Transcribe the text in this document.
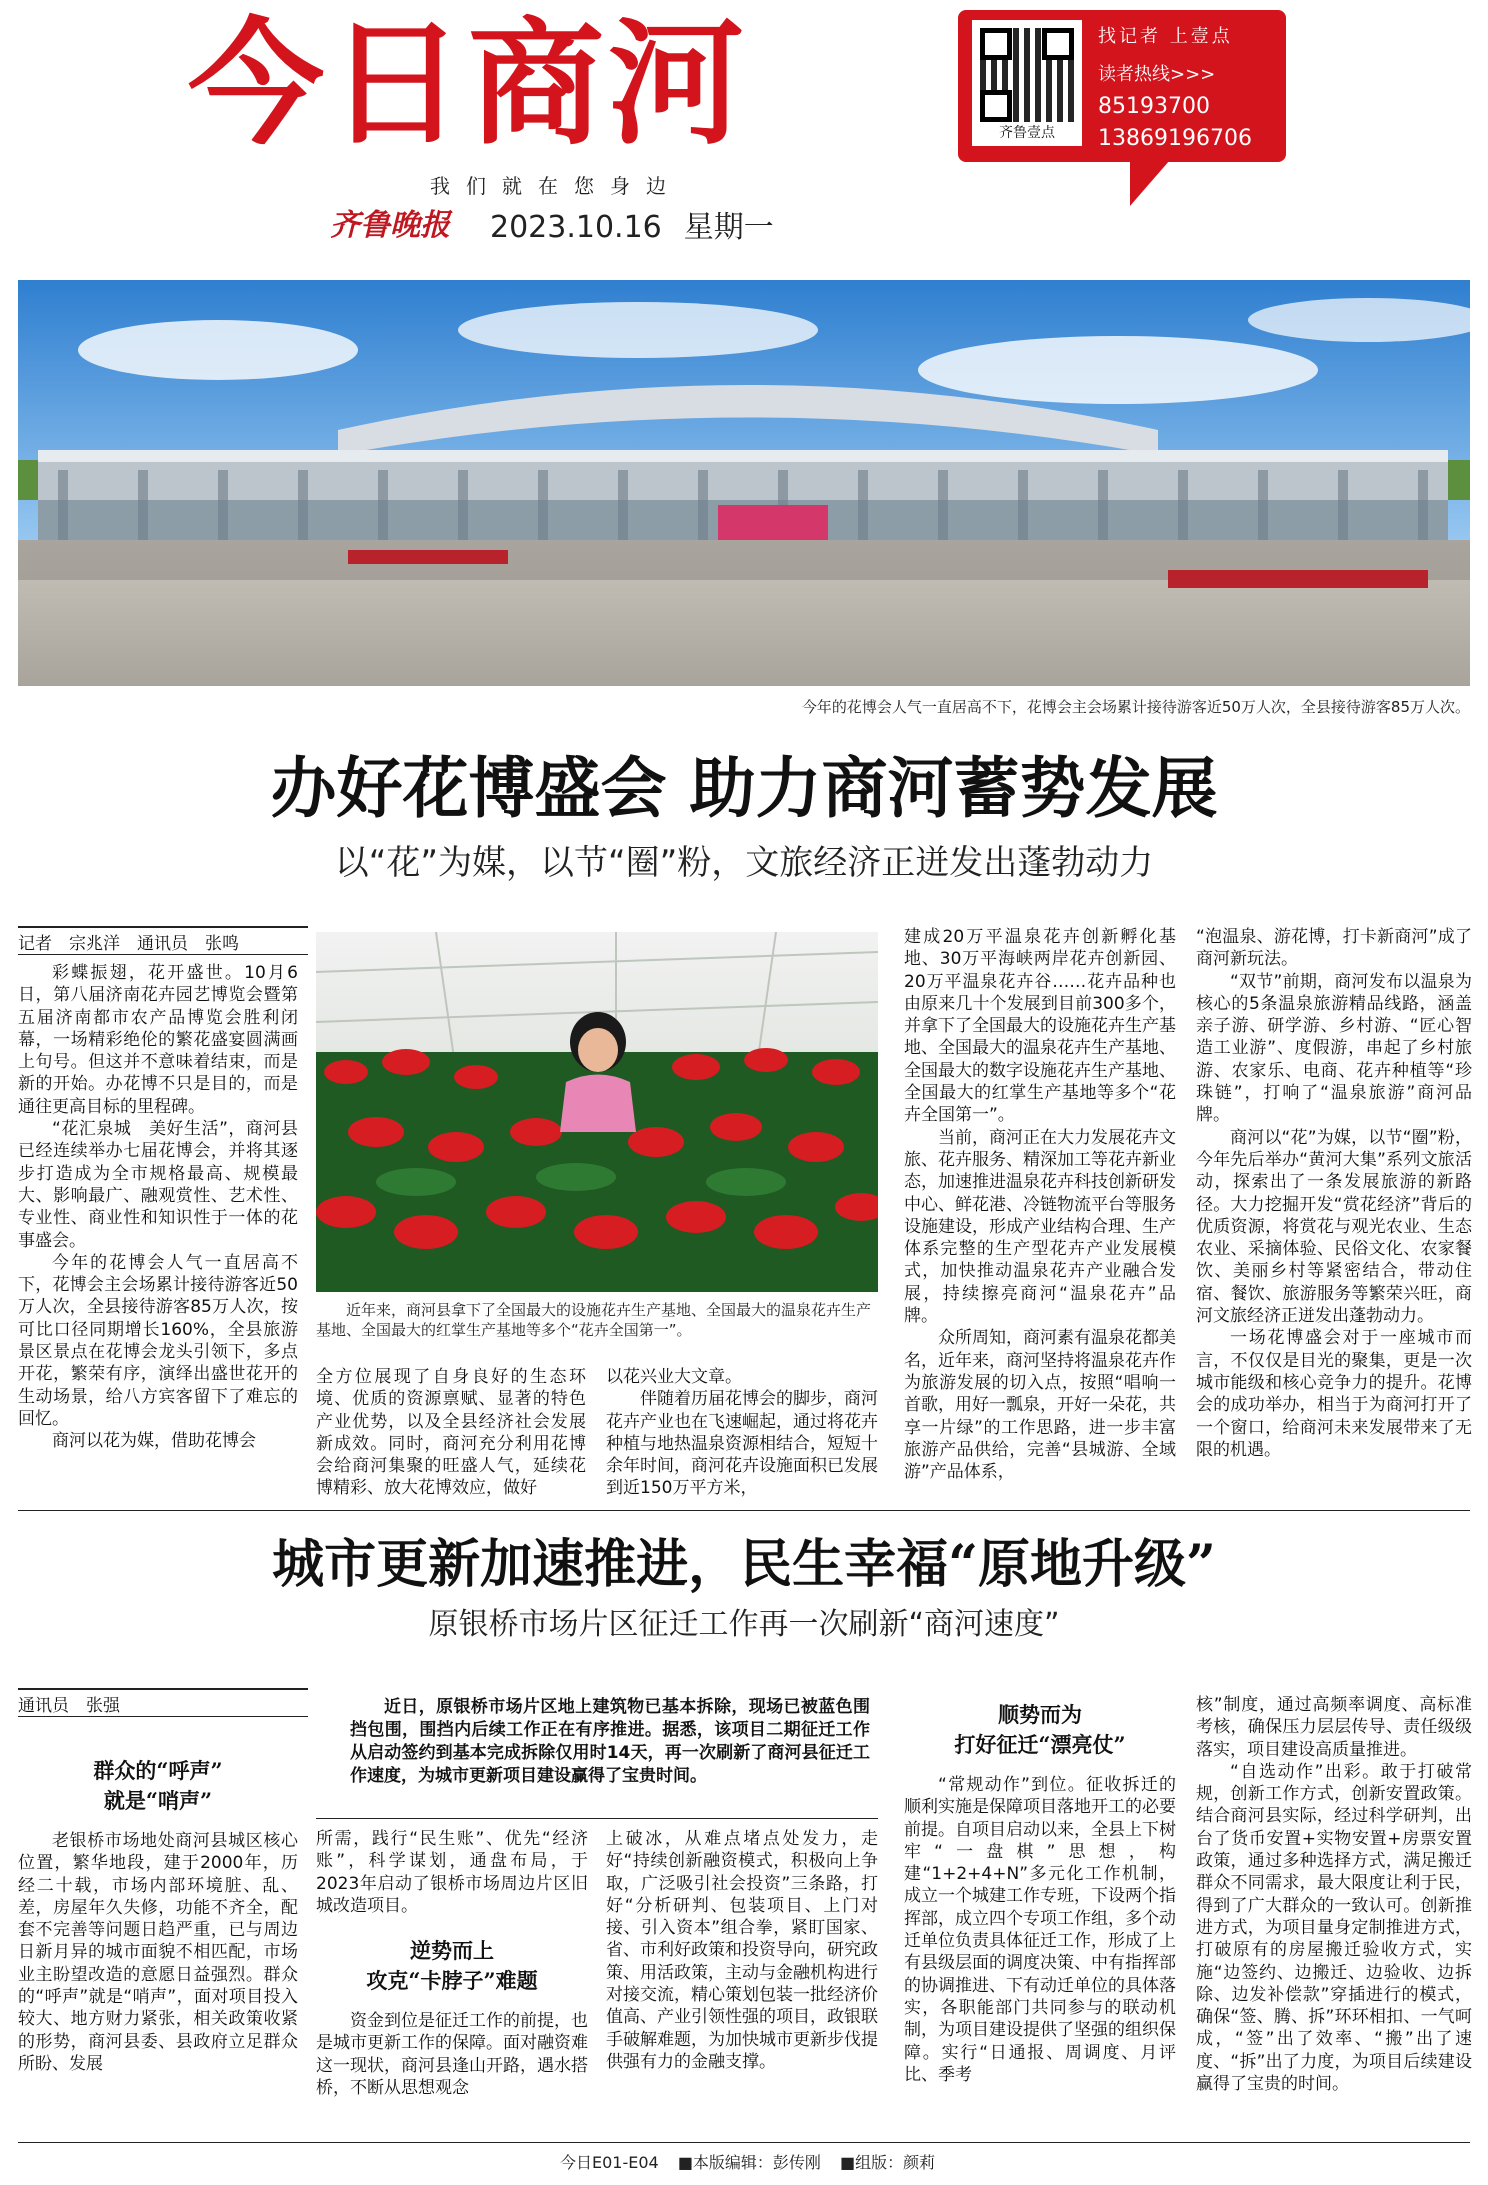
今日商河
我们就在您身边
齐鲁晚报 2023.10.16 星期一
齐鲁壹点
找记者 上壹点
读者热线>>>
85193700
13869196706
今年的花博会人气一直居高不下，花博会主会场累计接待游客近50万人次，全县接待游客85万人次。
办好花博盛会 助力商河蓄势发展
以“花”为媒，以节“圈”粉，文旅经济正迸发出蓬勃动力
记者　宗兆洋　通讯员　张鸣

彩蝶振翅，花开盛世。10月6日，第八届济南花卉园艺博览会暨第五届济南都市农产品博览会胜利闭幕，一场精彩绝伦的繁花盛宴圆满画上句号。但这并不意味着结束，而是新的开始。办花博不只是目的，而是通往更高目标的里程碑。

“花汇泉城　美好生活”，商河县已经连续举办七届花博会，并将其逐步打造成为全市规格最高、规模最大、影响最广、融观赏性、艺术性、专业性、商业性和知识性于一体的花事盛会。

今年的花博会人气一直居高不下，花博会主会场累计接待游客近50万人次，全县接待游客85万人次，按可比口径同期增长160%，全县旅游景区景点在花博会龙头引领下，多点开花，繁荣有序，演绎出盛世花开的生动场景，给八方宾客留下了难忘的回忆。

商河以花为媒，借助花博会

近年来，商河县拿下了全国最大的设施花卉生产基地、全国最大的温泉花卉生产基地、全国最大的红掌生产基地等多个“花卉全国第一”。

全方位展现了自身良好的生态环境、优质的资源禀赋、显著的特色产业优势，以及全县经济社会发展新成效。同时，商河充分利用花博会给商河集聚的旺盛人气，延续花博精彩、放大花博效应，做好

以花兴业大文章。

伴随着历届花博会的脚步，商河花卉产业也在飞速崛起，通过将花卉种植与地热温泉资源相结合，短短十余年时间，商河花卉设施面积已发展到近150万平方米，

建成20万平温泉花卉创新孵化基地、30万平海峡两岸花卉创新园、20万平温泉花卉谷……花卉品种也由原来几十个发展到目前300多个，并拿下了全国最大的设施花卉生产基地、全国最大的温泉花卉生产基地、全国最大的数字设施花卉生产基地、全国最大的红掌生产基地等多个“花卉全国第一”。

当前，商河正在大力发展花卉文旅、花卉服务、精深加工等花卉新业态，加速推进温泉花卉科技创新研发中心、鲜花港、冷链物流平台等服务设施建设，形成产业结构合理、生产体系完整的生产型花卉产业发展模式，加快推动温泉花卉产业融合发展，持续擦亮商河“温泉花卉”品牌。

众所周知，商河素有温泉花都美名，近年来，商河坚持将温泉花卉作为旅游发展的切入点，按照“唱响一首歌，用好一瓢泉，开好一朵花，共享一片绿”的工作思路，进一步丰富旅游产品供给，完善“县城游、全域游”产品体系，

“泡温泉、游花博，打卡新商河”成了商河新玩法。

“双节”前期，商河发布以温泉为核心的5条温泉旅游精品线路，涵盖亲子游、研学游、乡村游、“匠心智造工业游”、度假游，串起了乡村旅游、农家乐、电商、花卉种植等“珍珠链”，打响了“温泉旅游”商河品牌。

商河以“花”为媒，以节“圈”粉，今年先后举办“黄河大集”系列文旅活动，探索出了一条发展旅游的新路径。大力挖掘开发“赏花经济”背后的优质资源，将赏花与观光农业、生态农业、采摘体验、民俗文化、农家餐饮、美丽乡村等紧密结合，带动住宿、餐饮、旅游服务等繁荣兴旺，商河文旅经济正迸发出蓬勃动力。

一场花博盛会对于一座城市而言，不仅仅是目光的聚集，更是一次城市能级和核心竞争力的提升。花博会的成功举办，相当于为商河打开了一个窗口，给商河未来发展带来了无限的机遇。

城市更新加速推进，民生幸福“原地升级”
原银桥市场片区征迁工作再一次刷新“商河速度”
通讯员　张强
群众的“呼声”
就是“哨声”

老银桥市场地处商河县城区核心位置，繁华地段，建于2000年，历经二十载，市场内部环境脏、乱、差，房屋年久失修，功能不齐全，配套不完善等问题日趋严重，已与周边日新月异的城市面貌不相匹配，市场业主盼望改造的意愿日益强烈。群众的“呼声”就是“哨声”，面对项目投入较大、地方财力紧张，相关政策收紧的形势，商河县委、县政府立足群众所盼、发展

近日，原银桥市场片区地上建筑物已基本拆除，现场已被蓝色围挡包围，围挡内后续工作正在有序推进。据悉，该项目二期征迁工作从启动签约到基本完成拆除仅用时14天，再一次刷新了商河县征迁工作速度，为城市更新项目建设赢得了宝贵时间。

所需，践行“民生账”、优先“经济账”，科学谋划，通盘布局，于2023年启动了银桥市场周边片区旧城改造项目。

逆势而上
攻克“卡脖子”难题

资金到位是征迁工作的前提，也是城市更新工作的保障。面对融资难这一现状，商河县逢山开路，遇水搭桥，不断从思想观念

上破冰，从难点堵点处发力，走好“持续创新融资模式，积极向上争取，广泛吸引社会投资”三条路，打好“分析研判、包装项目、上门对接、引入资本”组合拳，紧盯国家、省、市利好政策和投资导向，研究政策、用活政策，主动与金融机构进行对接交流，精心策划包装一批经济价值高、产业引领性强的项目，政银联手破解难题，为加快城市更新步伐提供强有力的金融支撑。

顺势而为
打好征迁“漂亮仗”

“常规动作”到位。征收拆迁的顺利实施是保障项目落地开工的必要前提。自项目启动以来，全县上下树牢“一盘棋”思想，构建“1+2+4+N”多元化工作机制，成立一个城建工作专班，下设两个指挥部，成立四个专项工作组，多个动迁单位负责具体征迁工作，形成了上有县级层面的调度决策、中有指挥部的协调推进、下有动迁单位的具体落实，各职能部门共同参与的联动机制，为项目建设提供了坚强的组织保障。实行“日通报、周调度、月评比、季考

核”制度，通过高频率调度、高标准考核，确保压力层层传导、责任级级落实，项目建设高质量推进。

“自选动作”出彩。敢于打破常规，创新工作方式，创新安置政策。结合商河县实际，经过科学研判，出台了货币安置+实物安置+房票安置政策，通过多种选择方式，满足搬迁群众不同需求，最大限度让利于民，得到了广大群众的一致认可。创新推进方式，为项目量身定制推进方式，打破原有的房屋搬迁验收方式，实施“边签约、边搬迁、边验收、边拆除、边发补偿款”穿插进行的模式，确保“签、腾、拆”环环相扣、一气呵成，“签”出了效率、“搬”出了速度、“拆”出了力度，为项目后续建设赢得了宝贵的时间。

今日E01-E04 ■本版编辑：彭传刚 ■组版：颜莉
